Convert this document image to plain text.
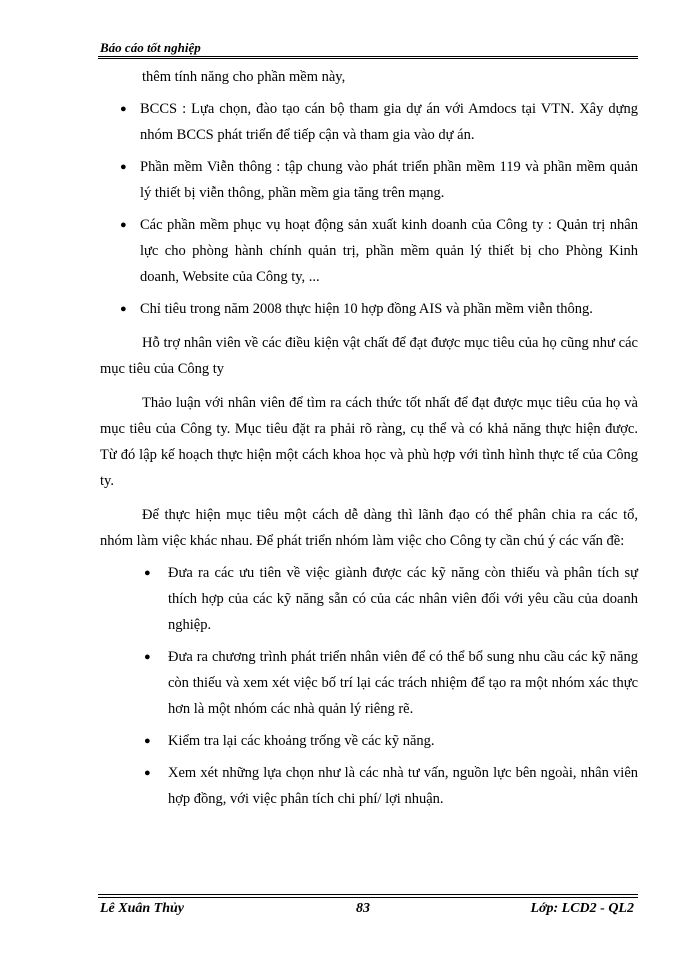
Báo cáo tốt nghiệp

thêm tính năng cho phần mềm này,

● BCCS : Lựa chọn, đào tạo cán bộ tham gia dự án với Amdocs tại VTN. Xây dựng nhóm BCCS phát triển để tiếp cận và tham gia vào dự án.
● Phần mềm Viễn thông : tập chung vào phát triển phần mềm 119 và phần mềm quản lý thiết bị viễn thông, phần mềm gia tăng trên mạng.
● Các phần mềm phục vụ hoạt động sản xuất kinh doanh của Công ty : Quản trị nhân lực cho phòng hành chính quản trị, phần mềm quản lý thiết bị cho Phòng Kinh doanh, Website của Công ty, ...
● Chỉ tiêu trong năm 2008 thực hiện 10 hợp đồng AIS và phần mềm viễn thông.

Hỗ trợ nhân viên về các điều kiện vật chất để đạt được mục tiêu của họ cũng như các mục tiêu của Công ty

Thảo luận với nhân viên để tìm ra cách thức tốt nhất để đạt được mục tiêu của họ và mục tiêu của Công ty. Mục tiêu đặt ra phải rõ ràng, cụ thể và có khả năng thực hiện được. Từ đó lập kế hoạch thực hiện một cách khoa học và phù hợp với tình hình thực tế của Công ty.

Để thực hiện mục tiêu một cách dễ dàng thì lãnh đạo có thể phân chia ra các tổ, nhóm làm việc khác nhau. Để phát triển nhóm làm việc cho Công ty cần chú ý các vấn đề:

● Đưa ra các ưu tiên về việc giành được các kỹ năng còn thiếu và phân tích sự thích hợp của các kỹ năng sẵn có của các nhân viên đối với yêu cầu của doanh nghiệp.
● Đưa ra chương trình phát triển nhân viên để có thể bổ sung nhu cầu các kỹ năng còn thiếu và xem xét việc bố trí lại các trách nhiệm để tạo ra một nhóm xác thực hơn là một nhóm các nhà quản lý riêng rẽ.
● Kiểm tra lại các khoảng trống về các kỹ năng.
● Xem xét những lựa chọn như là các nhà tư vấn, nguồn lực bên ngoài, nhân viên hợp đồng, với việc phân tích chi phí/ lợi nhuận.
Lê Xuân Thủy	83	Lớp: LCD2 - QL2
